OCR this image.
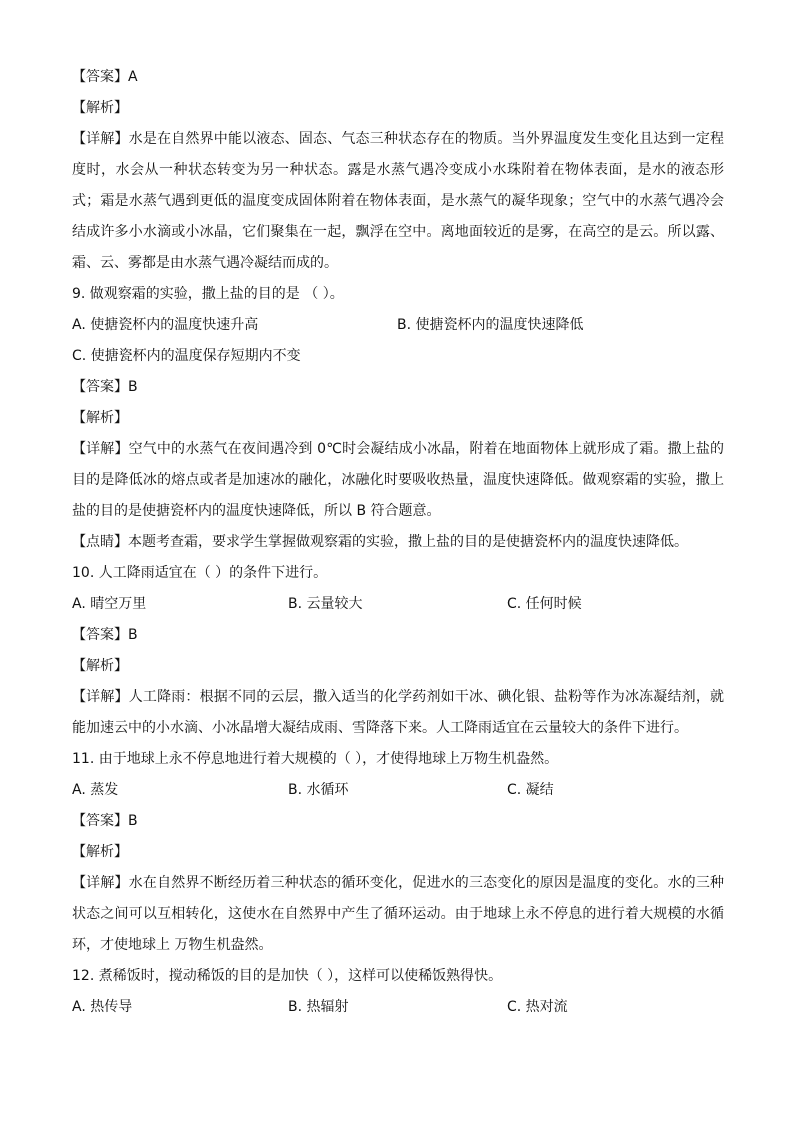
【答案】A
【解析】
【详解】水是在自然界中能以液态、固态、气态三种状态存在的物质。当外界温度发生变化且达到一定程度时，水会从一种状态转变为另一种状态。露是水蒸气遇冷变成小水珠附着在物体表面，是水的液态形式；霜是水蒸气遇到更低的温度变成固体附着在物体表面，是水蒸气的凝华现象；空气中的水蒸气遇冷会结成许多小水滴或小冰晶，它们聚集在一起，飘浮在空中。离地面较近的是雾，在高空的是云。所以露、霜、云、雾都是由水蒸气遇冷凝结而成的。
9. 做观察霜的实验，撒上盐的目的是 （ ）。
A. 使搪瓷杯内的温度快速升高	B. 使搪瓷杯内的温度快速降低
C. 使搪瓷杯内的温度保存短期内不变
【答案】B
【解析】
【详解】空气中的水蒸气在夜间遇冷到 0℃时会凝结成小冰晶，附着在地面物体上就形成了霜。撒上盐的目的是降低冰的熔点或者是加速冰的融化，冰融化时要吸收热量，温度快速降低。做观察霜的实验，撒上盐的目的是使搪瓷杯内的温度快速降低，所以 B 符合题意。
【点睛】本题考查霜，要求学生掌握做观察霜的实验，撒上盐的目的是使搪瓷杯内的温度快速降低。
10. 人工降雨适宜在（ ）的条件下进行。
A. 晴空万里	B. 云量较大	C. 任何时候
【答案】B
【解析】
【详解】人工降雨：根据不同的云层，撒入适当的化学药剂如干冰、碘化银、盐粉等作为冰冻凝结剂，就能加速云中的小水滴、小冰晶增大凝结成雨、雪降落下来。人工降雨适宜在云量较大的条件下进行。
11. 由于地球上永不停息地进行着大规模的（ ），才使得地球上万物生机盎然。
A. 蒸发	B. 水循环	C. 凝结
【答案】B
【解析】
【详解】水在自然界不断经历着三种状态的循环变化，促进水的三态变化的原因是温度的变化。水的三种状态之间可以互相转化，这使水在自然界中产生了循环运动。由于地球上永不停息的进行着大规模的水循环，才使地球上 万物生机盎然。
12. 煮稀饭时，搅动稀饭的目的是加快（ ），这样可以使稀饭熟得快。
A. 热传导	B. 热辐射	C. 热对流
